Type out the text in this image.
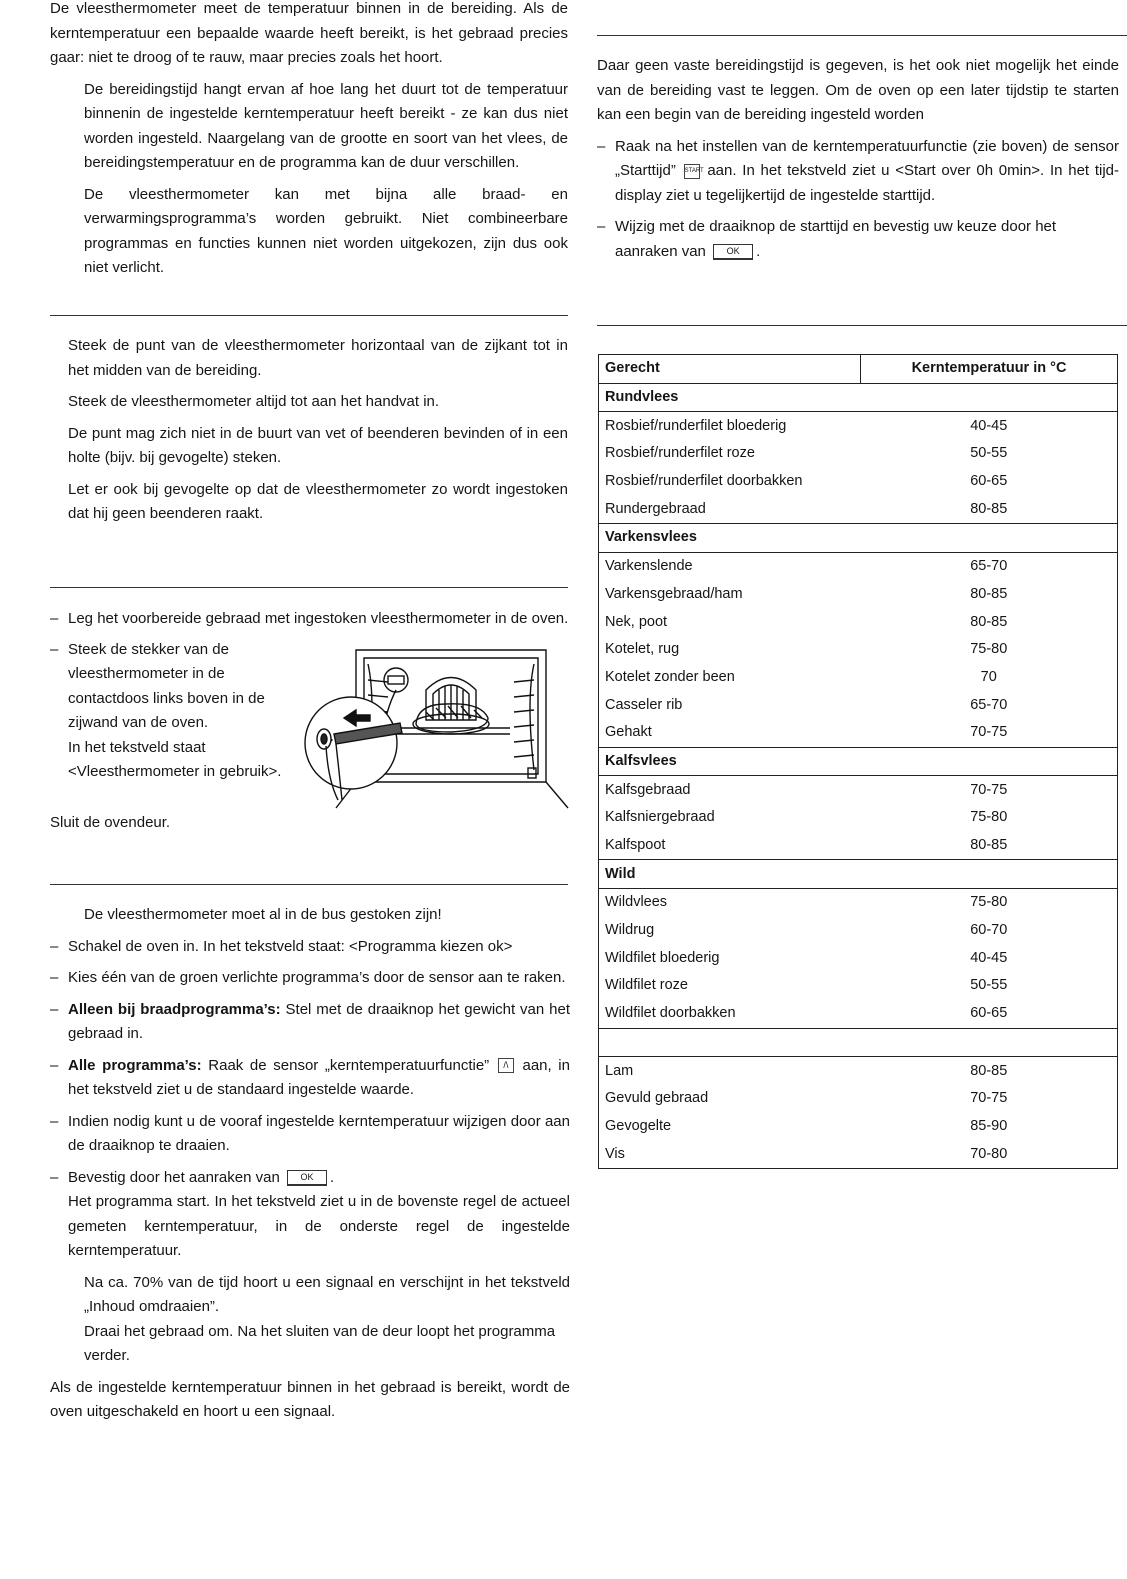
De vleesthermometer meet de temperatuur binnen in de bereiding. Als de kerntemperatuur een bepaalde waarde heeft bereikt, is het gebraad precies gaar: niet te droog of te rauw, maar precies zoals het hoort.

De bereidingstijd hangt ervan af hoe lang het duurt tot de temperatuur binnenin de ingestelde kerntemperatuur heeft bereikt - ze kan dus niet worden ingesteld. Naargelang van de grootte en soort van het vlees, de bereidingstemperatuur en de programma kan de duur verschillen.

De vleesthermometer kan met bijna alle braad- en verwarmingsprogramma’s worden gebruikt. Niet combineerbare programmas en functies kunnen niet worden uitgekozen, zijn dus ook niet verlicht.

Steek de punt van de vleesthermometer horizontaal van de zijkant tot in het midden van de bereiding.

Steek de vleesthermometer altijd tot aan het handvat in.

De punt mag zich niet in de buurt van vet of beenderen bevinden of in een holte (bijv. bij gevogelte) steken.

Let er ook bij gevogelte op dat de vleesthermometer zo wordt ingestoken dat hij geen beenderen raakt.

– Leg het voorbereide gebraad met ingestoken vleesthermometer in de oven.

– Steek de stekker van de vleesthermometer in de contactdoos links boven in de zijwand van de oven.

In het tekstveld staat <Vleesthermometer in gebruik>.

Sluit de ovendeur.

De vleesthermometer moet al in de bus gestoken zijn!

– Schakel de oven in. In het tekstveld staat: <Programma kiezen ok>

– Kies één van de groen verlichte programma’s door de sensor aan te raken.

– Alleen bij braadprogramma’s: Stel met de draaiknop het gewicht van het gebraad in.

– Alle programma’s: Raak de sensor „kerntemperatuurfunctie” /\ aan, in het tekstveld ziet u de standaard ingestelde waarde.

– Indien nodig kunt u de vooraf ingestelde kerntemperatuur wijzigen door aan de draaiknop te draaien.

– Bevestig door het aanraken van OK .

Het programma start. In het tekstveld ziet u in de bovenste regel de actueel gemeten kerntemperatuur, in de onderste regel de ingestelde kerntemperatuur.

Na ca. 70% van de tijd hoort u een signaal en verschijnt in het tekstveld „Inhoud omdraaien”.

Draai het gebraad om. Na het sluiten van de deur loopt het programma verder.

Als de ingestelde kerntemperatuur binnen in het gebraad is bereikt, wordt de oven uitgeschakeld en hoort u een signaal.

Daar geen vaste bereidingstijd is gegeven, is het ook niet mogelijk het einde van de bereiding vast te leggen. Om de oven op een later tijdstip te starten kan een begin van de bereiding ingesteld worden

– Raak na het instellen van de kerntemperatuurfunctie (zie boven) de sensor „Starttijd” START aan. In het tekstveld ziet u <Start over 0h 0min>. In het tijd-display ziet u tegelijkertijd de ingestelde starttijd.

– Wijzig met de draaiknop de starttijd en bevestig uw keuze door het aanraken van OK .

Gerecht	Kerntemperatuur in °C
Rundvlees	
Rosbief/runderfilet bloederig	40-45
Rosbief/runderfilet roze	50-55
Rosbief/runderfilet doorbakken	60-65
Rundergebraad	80-85
Varkensvlees	
Varkenslende	65-70
Varkensgebraad/ham	80-85
Nek, poot	80-85
Kotelet, rug	75-80
Kotelet zonder been	70
Casseler rib	65-70
Gehakt	70-75
Kalfsvlees	
Kalfsgebraad	70-75
Kalfsniergebraad	75-80
Kalfspoot	80-85
Wild	
Wildvlees	75-80
Wildrug	60-70
Wildfilet bloederig	40-45
Wildfilet roze	50-55
Wildfilet doorbakken	60-65

Lam	80-85
Gevuld gebraad	70-75
Gevogelte	85-90
Vis	70-80
